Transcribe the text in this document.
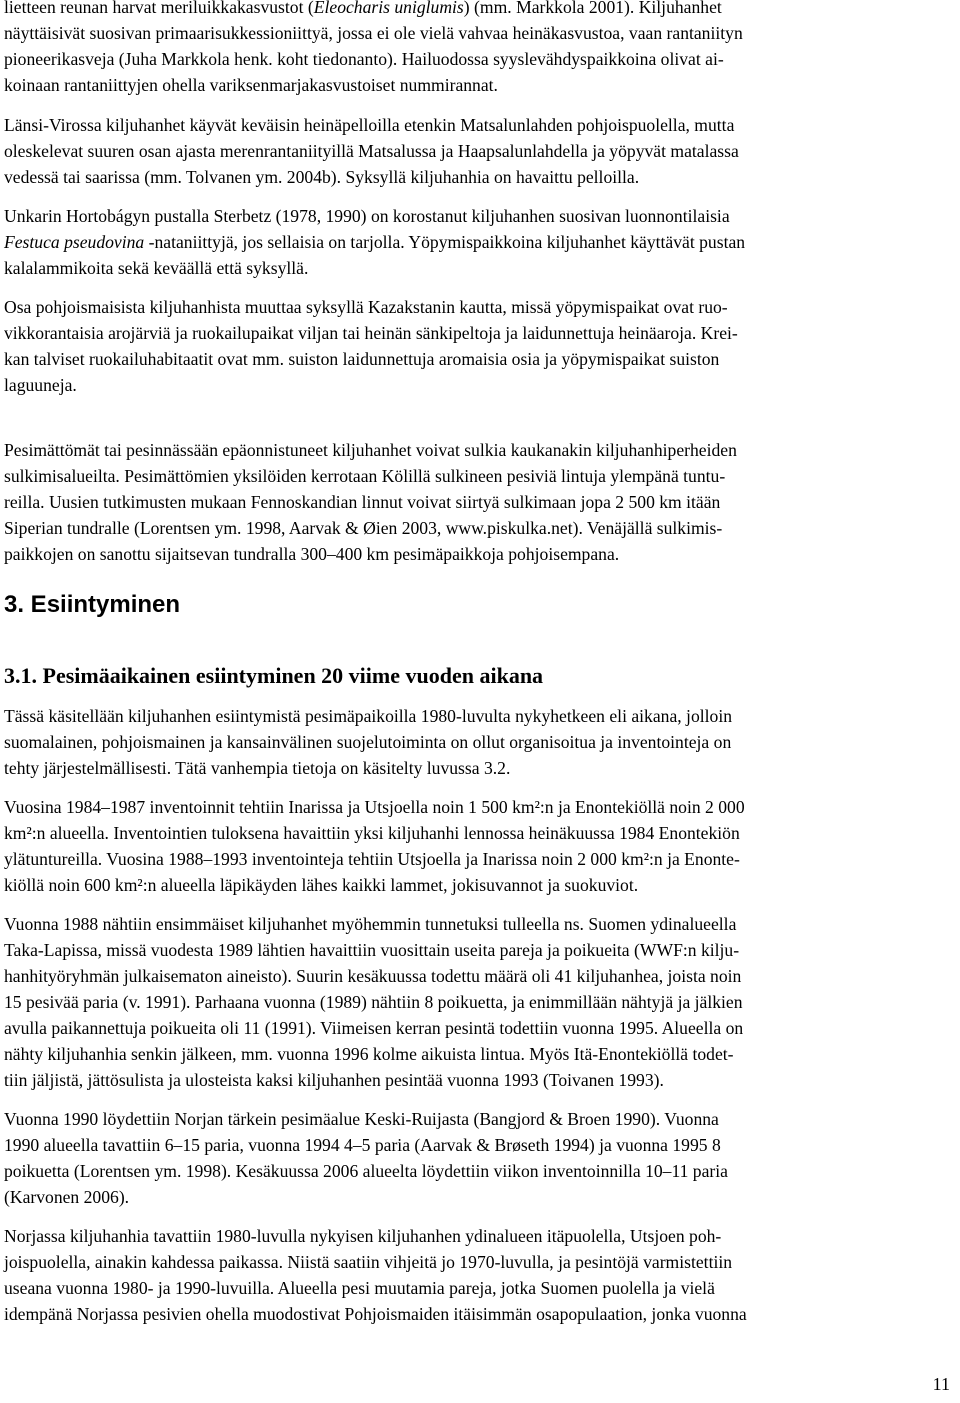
lietteen reunan harvat meriluikkakasvustot (Eleocharis uniglumis) (mm. Markkola 2001). Kiljuhanhet
näyttäisivät suosivan primaarisukkessioniittyä, jossa ei ole vielä vahvaa heinäkasvustoa, vaan rantaniityn
pioneerikasveja (Juha Markkola henk. koht tiedonanto). Hailuodossa syyslevähdyspaikkoina olivat ai-
koinaan rantaniittyjen ohella variksenmarjakasvustoiset nummirannat.

Länsi-Virossa kiljuhanhet käyvät keväisin heinäpelloilla etenkin Matsalunlahden pohjoispuolella, mutta
oleskelevat suuren osan ajasta merenrantaniityillä Matsalussa ja Haapsalunlahdella ja yöpyvät matalassa
vedessä tai saarissa (mm. Tolvanen ym. 2004b). Syksyllä kiljuhanhia on havaittu pelloilla.

Unkarin Hortobágyn pustalla Sterbetz (1978, 1990) on korostanut kiljuhanhen suosivan luonnontilaisia
Festuca pseudovina -nataniittyjä, jos sellaisia on tarjolla. Yöpymispaikkoina kiljuhanhet käyttävät pustan
kalalammikoita sekä keväällä että syksyllä.

Osa pohjoismaisista kiljuhanhista muuttaa syksyllä Kazakstanin kautta, missä yöpymispaikat ovat ruo-
vikkorantaisia arojärviä ja ruokailupaikat viljan tai heinän sänkipeltoja ja laidunnettuja heinäaroja. Krei-
kan talviset ruokailuhabitaatit ovat mm. suiston laidunnettuja aromaisia osia ja yöpymispaikat suiston
laguuneja.

Pesimättömät tai pesinnässään epäonnistuneet kiljuhanhet voivat sulkia kaukanakin kiljuhanhiperheiden
sulkimisalueilta. Pesimättömien yksilöiden kerrotaan Kölillä sulkineen pesiviä lintuja ylempänä tuntu-
reilla. Uusien tutkimusten mukaan Fennoskandian linnut voivat siirtyä sulkimaan jopa 2 500 km itään
Siperian tundralle (Lorentsen ym. 1998, Aarvak & Øien 2003, www.piskulka.net). Venäjällä sulkimis-
paikkojen on sanottu sijaitsevan tundralla 300–400 km pesimäpaikkoja pohjoisempana.

3. Esiintyminen
3.1. Pesimäaikainen esiintyminen 20 viime vuoden aikana

Tässä käsitellään kiljuhanhen esiintymistä pesimäpaikoilla 1980-luvulta nykyhetkeen eli aikana, jolloin
suomalainen, pohjoismainen ja kansainvälinen suojelutoiminta on ollut organisoitua ja inventointeja on
tehty järjestelmällisesti. Tätä vanhempia tietoja on käsitelty luvussa 3.2.

Vuosina 1984–1987 inventoinnit tehtiin Inarissa ja Utsjoella noin 1 500 km²:n ja Enontekiöllä noin 2 000
km²:n alueella. Inventointien tuloksena havaittiin yksi kiljuhanhi lennossa heinäkuussa 1984 Enontekiön
ylätuntureilla. Vuosina 1988–1993 inventointeja tehtiin Utsjoella ja Inarissa noin 2 000 km²:n ja Enonte-
kiöllä noin 600 km²:n alueella läpikäyden lähes kaikki lammet, jokisuvannot ja suokuviot.

Vuonna 1988 nähtiin ensimmäiset kiljuhanhet myöhemmin tunnetuksi tulleella ns. Suomen ydinalueella
Taka-Lapissa, missä vuodesta 1989 lähtien havaittiin vuosittain useita pareja ja poikueita (WWF:n kilju-
hanhityöryhmän julkaisematon aineisto). Suurin kesäkuussa todettu määrä oli 41 kiljuhanhea, joista noin
15 pesivää paria (v. 1991). Parhaana vuonna (1989) nähtiin 8 poikuetta, ja enimmillään nähtyjä ja jälkien
avulla paikannettuja poikueita oli 11 (1991). Viimeisen kerran pesintä todettiin vuonna 1995. Alueella on
nähty kiljuhanhia senkin jälkeen, mm. vuonna 1996 kolme aikuista lintua. Myös Itä-Enontekiöllä todet-
tiin jäljistä, jättösulista ja ulosteista kaksi kiljuhanhen pesintää vuonna 1993 (Toivanen 1993).

Vuonna 1990 löydettiin Norjan tärkein pesimäalue Keski-Ruijasta (Bangjord & Broen 1990). Vuonna
1990 alueella tavattiin 6–15 paria, vuonna 1994 4–5 paria (Aarvak & Brøseth 1994) ja vuonna 1995 8
poikuetta (Lorentsen ym. 1998). Kesäkuussa 2006 alueelta löydettiin viikon inventoinnilla 10–11 paria
(Karvonen 2006).

Norjassa kiljuhanhia tavattiin 1980-luvulla nykyisen kiljuhanhen ydinalueen itäpuolella, Utsjoen poh-
joispuolella, ainakin kahdessa paikassa. Niistä saatiin vihjeitä jo 1970-luvulla, ja pesintöjä varmistettiin
useana vuonna 1980- ja 1990-luvuilla. Alueella pesi muutamia pareja, jotka Suomen puolella ja vielä
idempänä Norjassa pesivien ohella muodostivat Pohjoismaiden itäisimmän osapopulaation, jonka vuonna

11
